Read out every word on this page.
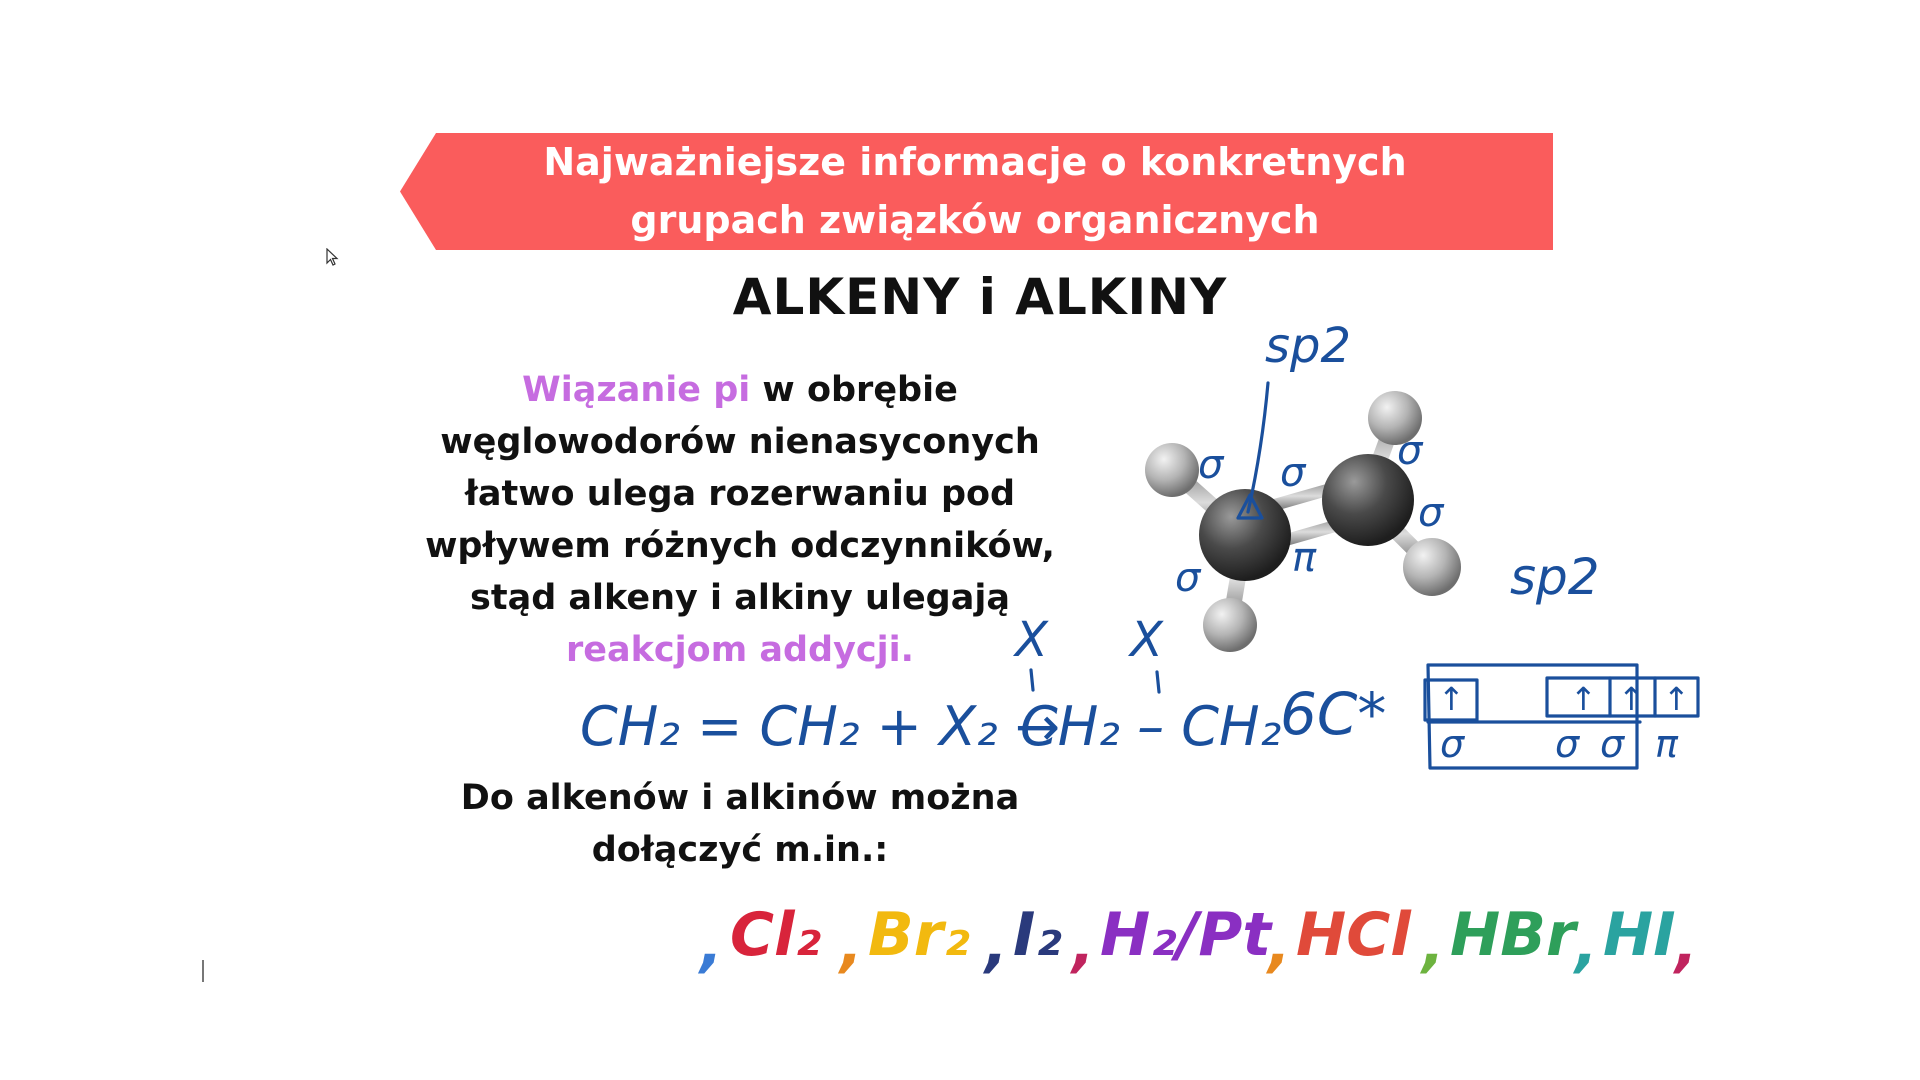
Najważniejsze informacje o konkretnych
grupach związków organicznych
ALKENY i ALKINY
Wiązanie pi w obrębie węglowodorów nienasyconych łatwo ulega rozerwaniu pod wpływem różnych odczynników, stąd alkeny i alkiny ulegają reakcjom addycji.
Do alkenów i alkinów można dołączyć m.in.:
sp2
σ σ σ
σ
σ π	sp2
X X
CH₂ = CH₂ + X₂ →
CH₂ – CH₂
6C* ↑	↑ ↑ ↑
σ σ σ π
, Cl₂ , Br₂ , I₂ , H₂/Pt
, HCl , HBr , HI ,
